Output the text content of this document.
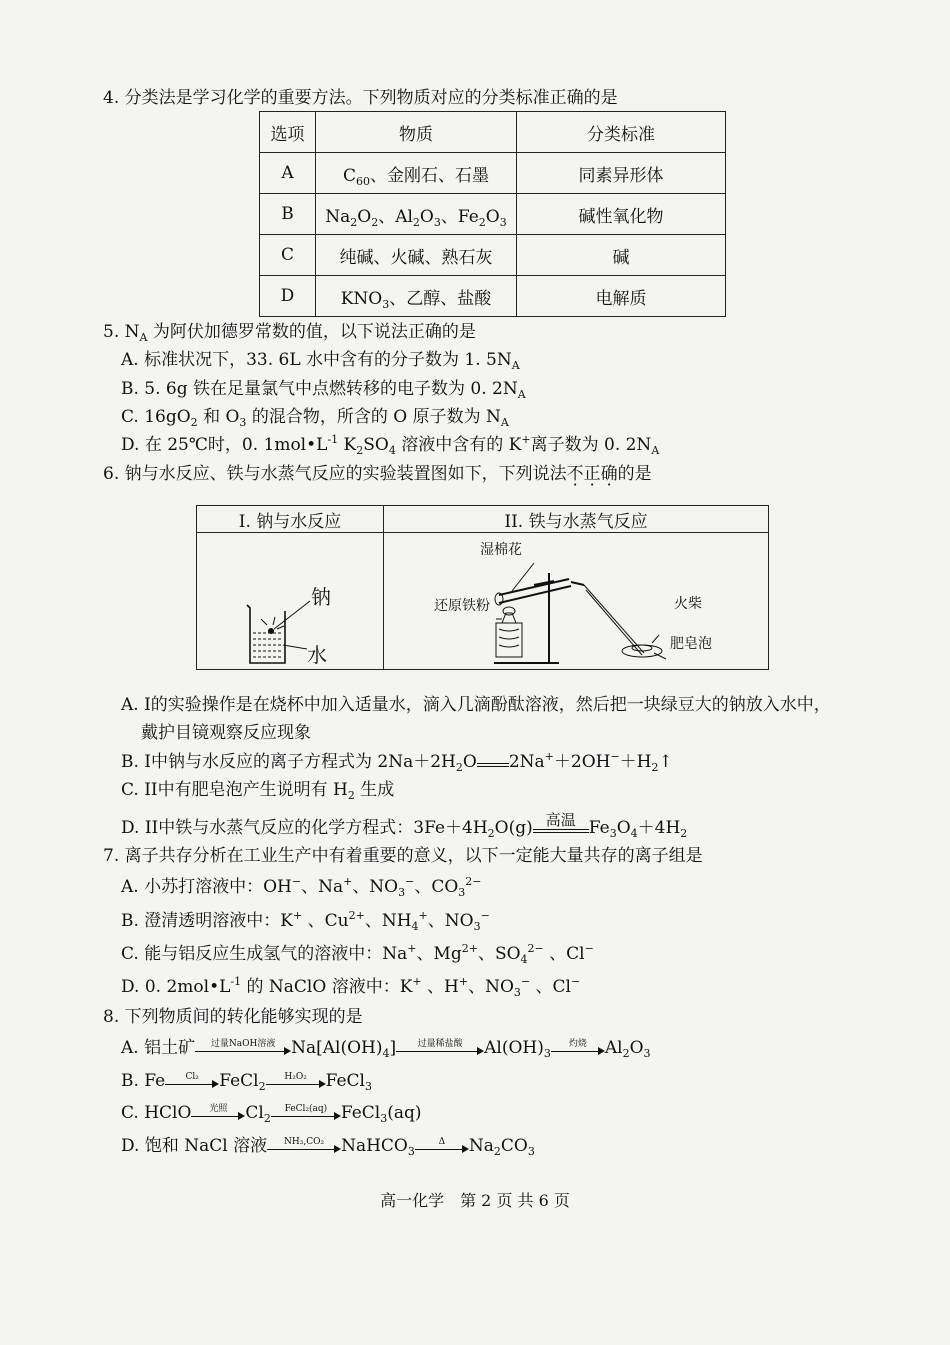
4. 分类法是学习化学的重要方法。下列物质对应的分类标准正确的是
选项	物质	分类标准
A	$C_{60}$、金刚石、石墨	同素异形体
B	$Na_2O_2$、$Al_2O_3$、$Fe_2O_3$	碱性氧化物
C	纯碱、火碱、熟石灰	碱
D	$KNO_3$、乙醇、盐酸	电解质
5. $N_A$ 为阿伏加德罗常数的值，以下说法正确的是
A. 标准状况下，33. 6L 水中含有的分子数为 1. $5N_A$
B. 5. 6g 铁在足量氯气中点燃转移的电子数为 0. $2N_A$
C. $16gO_2$ 和 $O_3$ 的混合物，所含的 O 原子数为 $N_A$
D. 在 25℃时，0. $1mol•L^{-1}$ $K_2SO_4$ 溶液中含有的 K+离子数为 0. $2N_A$
6. 钠与水反应、铁与水蒸气反应的实验装置图如下，下列说法不正确的是
I. 钠与水反应	II. 铁与水蒸气反应

钠
水	湿棉花
还原铁粉 火柴
肥皂泡
A. I的实验操作是在烧杯中加入适量水，滴入几滴酚酞溶液，然后把一块绿豆大的钠放入水中，
戴护目镜观察反应现象
B. I中钠与水反应的离子方程式为 $2Na+2H_2O$ $2Na^++2OH^-+H_2↑$
C. II中有肥皂泡产生说明有 $H_2$ 生成
D. II中铁与水蒸气反应的化学方程式：$3Fe+4H_2O(g)$ 高温 $Fe_3O_4+4H_2$
7. 离子共存分析在工业生产中有着重要的意义，以下一定能大量共存的离子组是
A. 小苏打溶液中：OH−、Na+、$NO_3^-$、$CO_3^{2-}$
B. 澄清透明溶液中：K+ 、$Cu^{2+}$、$NH_4^+$、$NO_3^-$
C. 能与铝反应生成氢气的溶液中：Na+、$Mg^{2+}$、$SO_4^{2-}$ 、Cl−
D. 0. $2mol•L^{-1}$ 的 NaClO 溶液中：K+ 、H+、$NO_3^-$ 、Cl−
8. 下列物质间的转化能够实现的是
A. 铝土矿	过量NaOH溶液 $Na[Al(OH)_4]$	过量稀盐酸	$Al(OH)_3$
灼烧	$Al_2O_3$
B. Fe	Cl₂	FeCl$_2$
H₂O₂	FeCl$_3$
C. HClO	光照	$Cl_2$
FeCl₂(aq) FeCl$_3$(aq)
D. 饱和 NaCl 溶液	NH₃,CO₂ NaHCO$_3$
Δ	$Na_2CO_3$
高一化学　第 2 页 共 6 页
